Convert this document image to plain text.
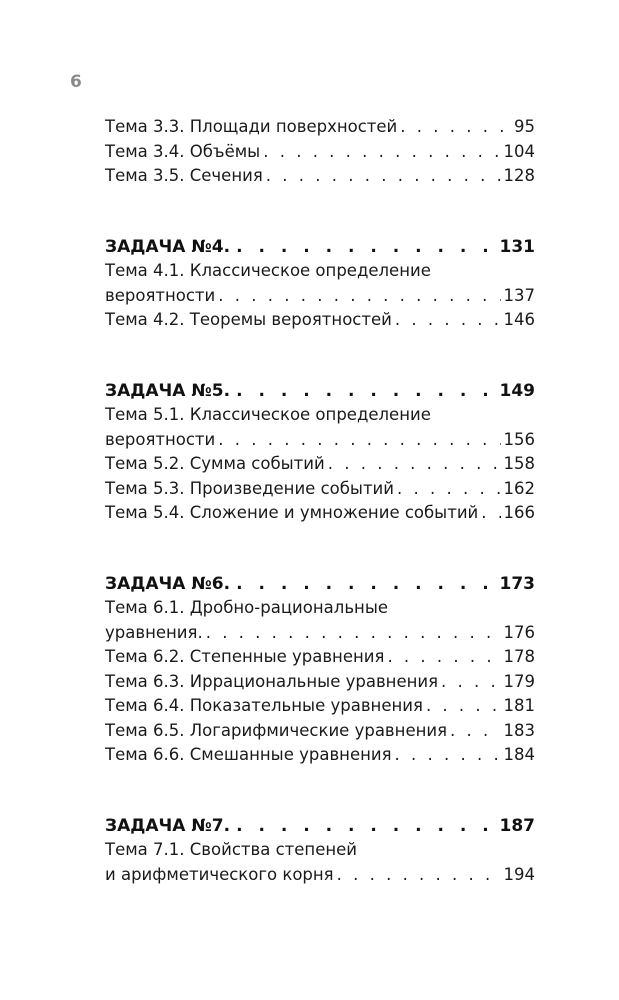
6
Тема 3.3. Площади поверхностей . . .	95
Тема 3.4. Объёмы . . .	104
Тема 3.5. Сечения . . .	128
ЗАДАЧА №4. . . .	131
Тема 4.1. Классическое определение
вероятности . . .	137
Тема 4.2. Теоремы вероятностей . . .	146
ЗАДАЧА №5. . . .	149
Тема 5.1. Классическое определение
вероятности . . .	156
Тема 5.2. Сумма событий . . .	158
Тема 5.3. Произведение событий . . .	162
Тема 5.4. Сложение и умножение событий . . . 166
ЗАДАЧА №6. . . .	173
Тема 6.1. Дробно-рациональные
уравнения. . . .	176
Тема 6.2. Степенные уравнения . . .	178
Тема 6.3. Иррациональные уравнения . . .	179
Тема 6.4. Показательные уравнения . . .	181
Тема 6.5. Логарифмические уравнения . . .	183
Тема 6.6. Смешанные уравнения . . .	184
ЗАДАЧА №7. . . .	187
Тема 7.1. Свойства степеней
и арифметического корня . . .	194
